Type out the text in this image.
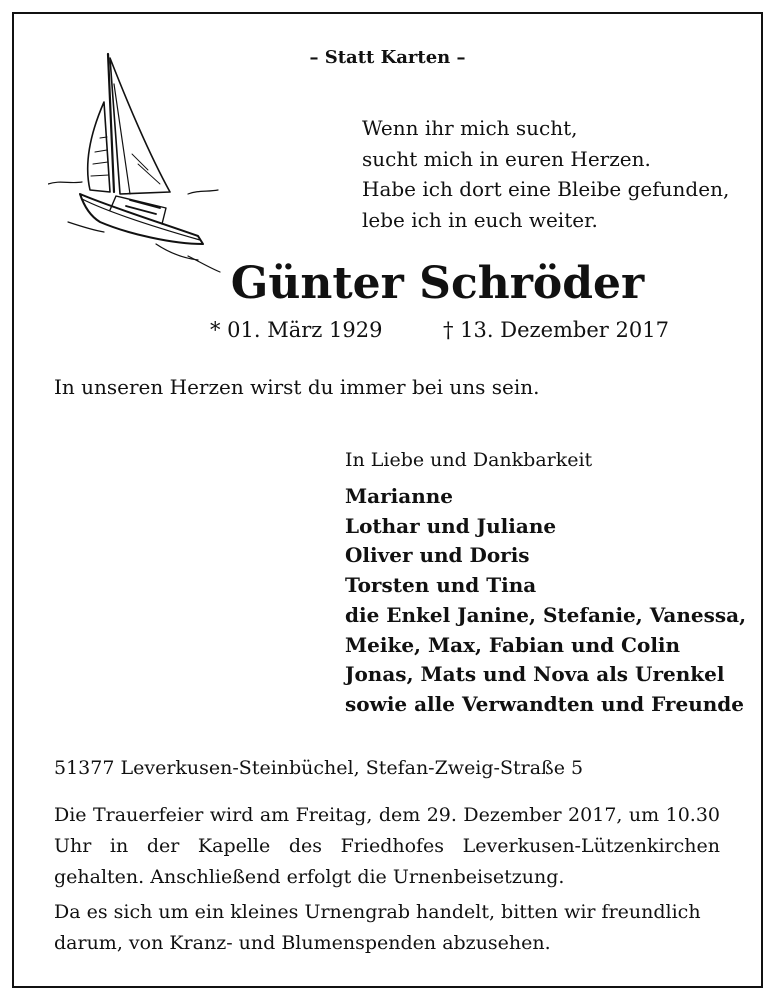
– Statt Karten –

Wenn ihr mich sucht,
sucht mich in euren Herzen.
Habe ich dort eine Bleibe gefunden,
lebe ich in euch weiter.
Günter Schröder

* 01. März 1929	† 13. Dezember 2017

In unseren Herzen wirst du immer bei uns sein.

In Liebe und Dankbarkeit

Marianne
Lothar und Juliane
Oliver und Doris
Torsten und Tina
die Enkel Janine, Stefanie, Vanessa,
Meike, Max, Fabian und Colin
Jonas, Mats und Nova als Urenkel
sowie alle Verwandten und Freunde

51377 Leverkusen-Steinbüchel, Stefan-Zweig-Straße 5

Die Trauerfeier wird am Freitag, dem 29. Dezember 2017, um 10.30 Uhr in der Kapelle des Friedhofes Leverkusen-Lützenkirchen gehalten. Anschließend erfolgt die Urnenbeisetzung.

Da es sich um ein kleines Urnengrab handelt, bitten wir freundlich darum, von Kranz- und Blumenspenden abzusehen.
